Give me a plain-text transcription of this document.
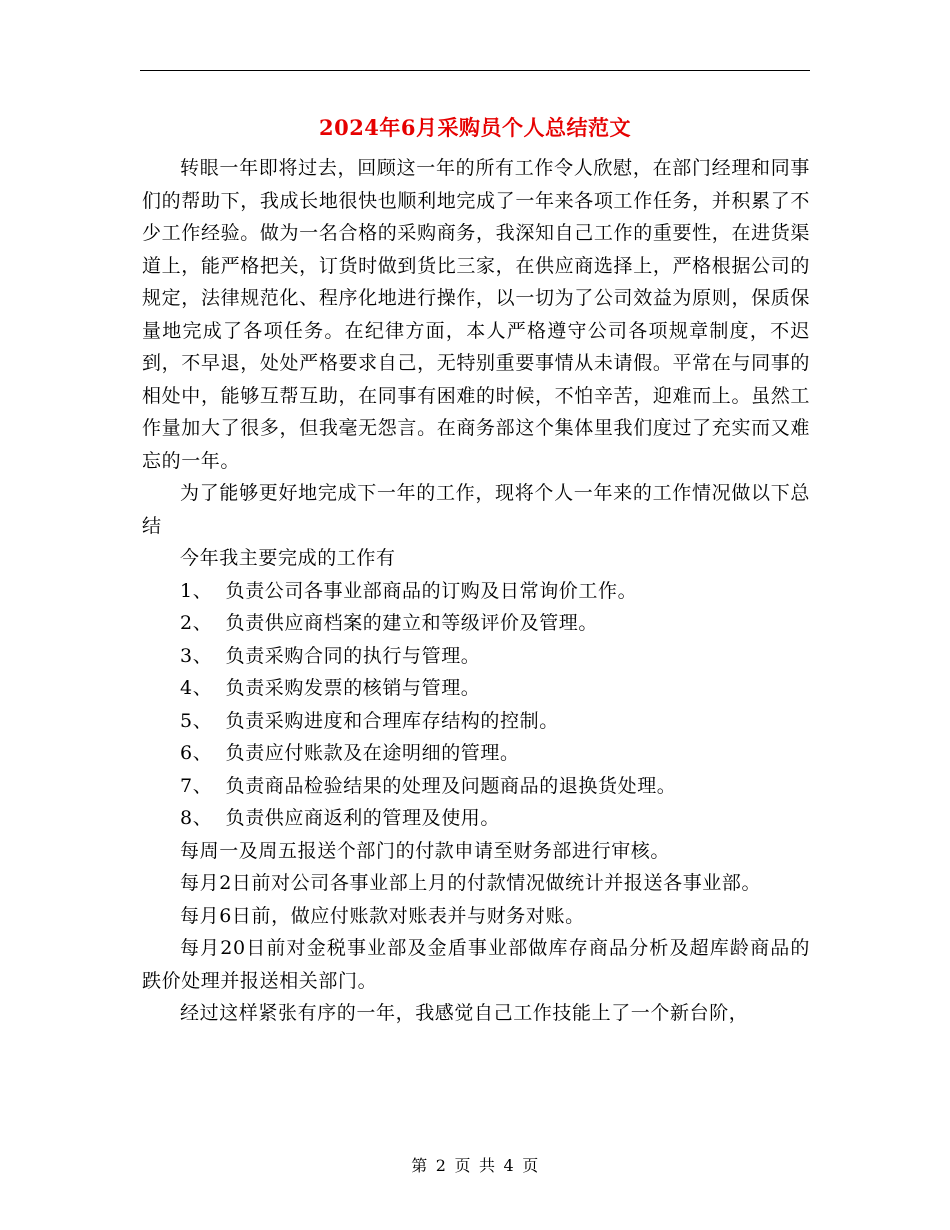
2024年6月采购员个人总结范文

转眼一年即将过去，回顾这一年的所有工作令人欣慰，在部门经理和同事们的帮助下，我成长地很快也顺利地完成了一年来各项工作任务，并积累了不少工作经验。做为一名合格的采购商务，我深知自己工作的重要性，在进货渠道上，能严格把关，订货时做到货比三家，在供应商选择上，严格根据公司的规定，法律规范化、程序化地进行操作，以一切为了公司效益为原则，保质保量地完成了各项任务。在纪律方面，本人严格遵守公司各项规章制度，不迟到，不早退，处处严格要求自己，无特别重要事情从未请假。平常在与同事的相处中，能够互帮互助，在同事有困难的时候，不怕辛苦，迎难而上。虽然工作量加大了很多，但我毫无怨言。在商务部这个集体里我们度过了充实而又难忘的一年。

为了能够更好地完成下一年的工作，现将个人一年来的工作情况做以下总结

今年我主要完成的工作有

1、 负责公司各事业部商品的订购及日常询价工作。

2、 负责供应商档案的建立和等级评价及管理。

3、 负责采购合同的执行与管理。

4、 负责采购发票的核销与管理。

5、 负责采购进度和合理库存结构的控制。

6、 负责应付账款及在途明细的管理。

7、 负责商品检验结果的处理及问题商品的退换货处理。

8、 负责供应商返利的管理及使用。

每周一及周五报送个部门的付款申请至财务部进行审核。

每月2日前对公司各事业部上月的付款情况做统计并报送各事业部。

每月6日前，做应付账款对账表并与财务对账。

每月20日前对金税事业部及金盾事业部做库存商品分析及超库龄商品的跌价处理并报送相关部门。

经过这样紧张有序的一年，我感觉自己工作技能上了一个新台阶，

第 2 页 共 4 页
